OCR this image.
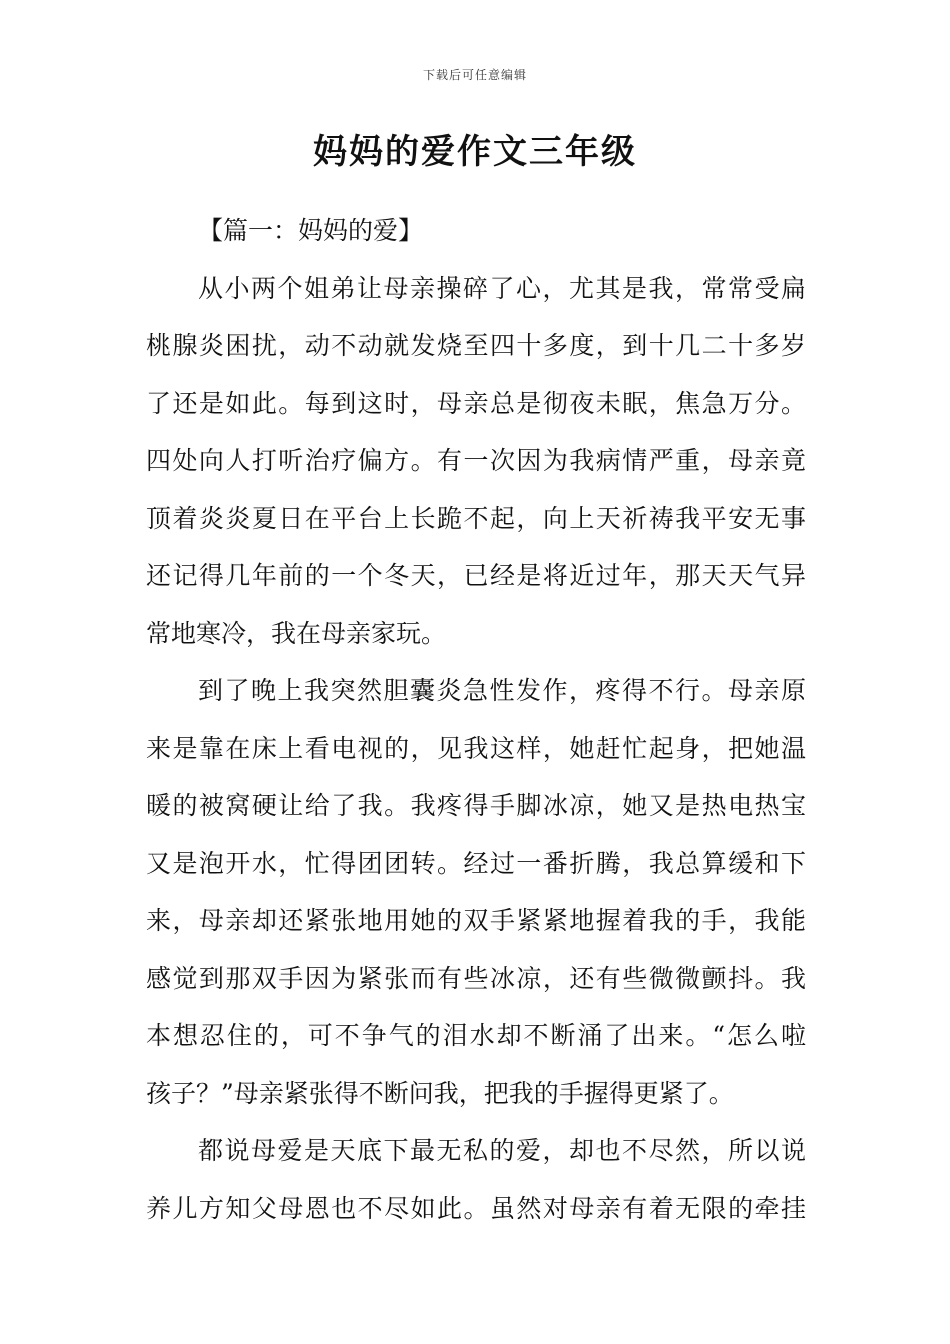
下载后可任意编辑
妈妈的爱作文三年级
【篇一：妈妈的爱】
从小两个姐弟让母亲操碎了心，尤其是我，常常受扁
桃腺炎困扰，动不动就发烧至四十多度，到十几二十多岁
了还是如此。每到这时，母亲总是彻夜未眠，焦急万分。
四处向人打听治疗偏方。有一次因为我病情严重，母亲竟
顶着炎炎夏日在平台上长跪不起，向上天祈祷我平安无事
还记得几年前的一个冬天，已经是将近过年，那天天气异
常地寒冷，我在母亲家玩。
到了晚上我突然胆囊炎急性发作，疼得不行。母亲原
来是靠在床上看电视的，见我这样，她赶忙起身，把她温
暖的被窝硬让给了我。我疼得手脚冰凉，她又是热电热宝
又是泡开水，忙得团团转。经过一番折腾，我总算缓和下
来，母亲却还紧张地用她的双手紧紧地握着我的手，我能
感觉到那双手因为紧张而有些冰凉，还有些微微颤抖。我
本想忍住的，可不争气的泪水却不断涌了出来。“怎么啦
孩子？”母亲紧张得不断问我，把我的手握得更紧了。
都说母爱是天底下最无私的爱，却也不尽然，所以说
养儿方知父母恩也不尽如此。虽然对母亲有着无限的牵挂
